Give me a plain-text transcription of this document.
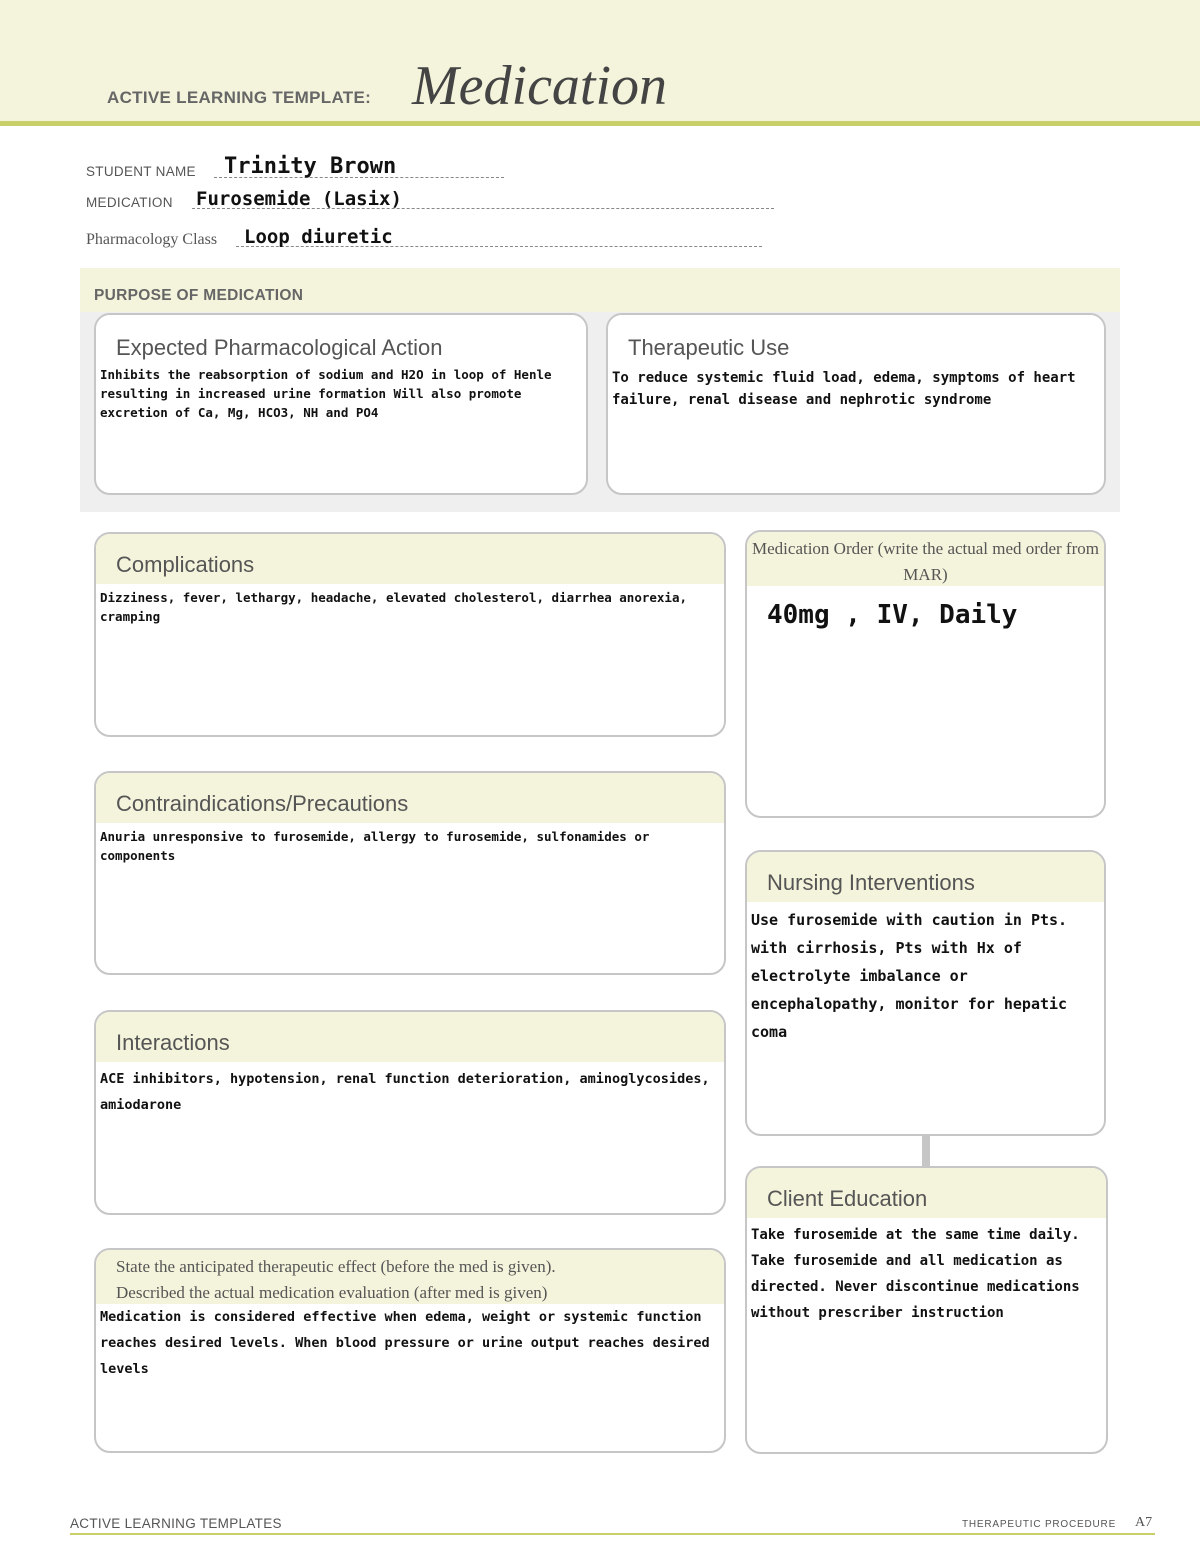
ACTIVE LEARNING TEMPLATE: Medication
STUDENT NAME Trinity Brown
MEDICATION Furosemide (Lasix)
Pharmacology Class Loop diuretic
PURPOSE OF MEDICATION
Expected Pharmacological Action
Inhibits the reabsorption of sodium and H2O in loop of Henle resulting in increased urine formation Will also promote excretion of Ca, Mg, HCO3, NH and PO4
Therapeutic Use
To reduce systemic fluid load, edema, symptoms of heart failure, renal disease and nephrotic syndrome
Complications
Dizziness, fever, lethargy, headache, elevated cholesterol, diarrhea anorexia, cramping
Medication Order (write the actual med order from MAR)
40mg , IV, Daily
Contraindications/Precautions
Anuria unresponsive to furosemide, allergy to furosemide, sulfonamides or components
Nursing Interventions
Use furosemide with caution in Pts. with cirrhosis, Pts with Hx of electrolyte imbalance or encephalopathy, monitor for hepatic coma
Interactions
ACE inhibitors, hypotension, renal function deterioration, aminoglycosides, amiodarone
Client Education
Take furosemide at the same time daily. Take furosemide and all medication as directed. Never discontinue medications without prescriber instruction
State the anticipated therapeutic effect (before the med is given).
Described the actual medication evaluation (after med is given)
Medication is considered effective when edema, weight or systemic function reaches desired levels. When blood pressure or urine output reaches desired levels
ACTIVE LEARNING TEMPLATES	THERAPEUTIC PROCEDURE A7
